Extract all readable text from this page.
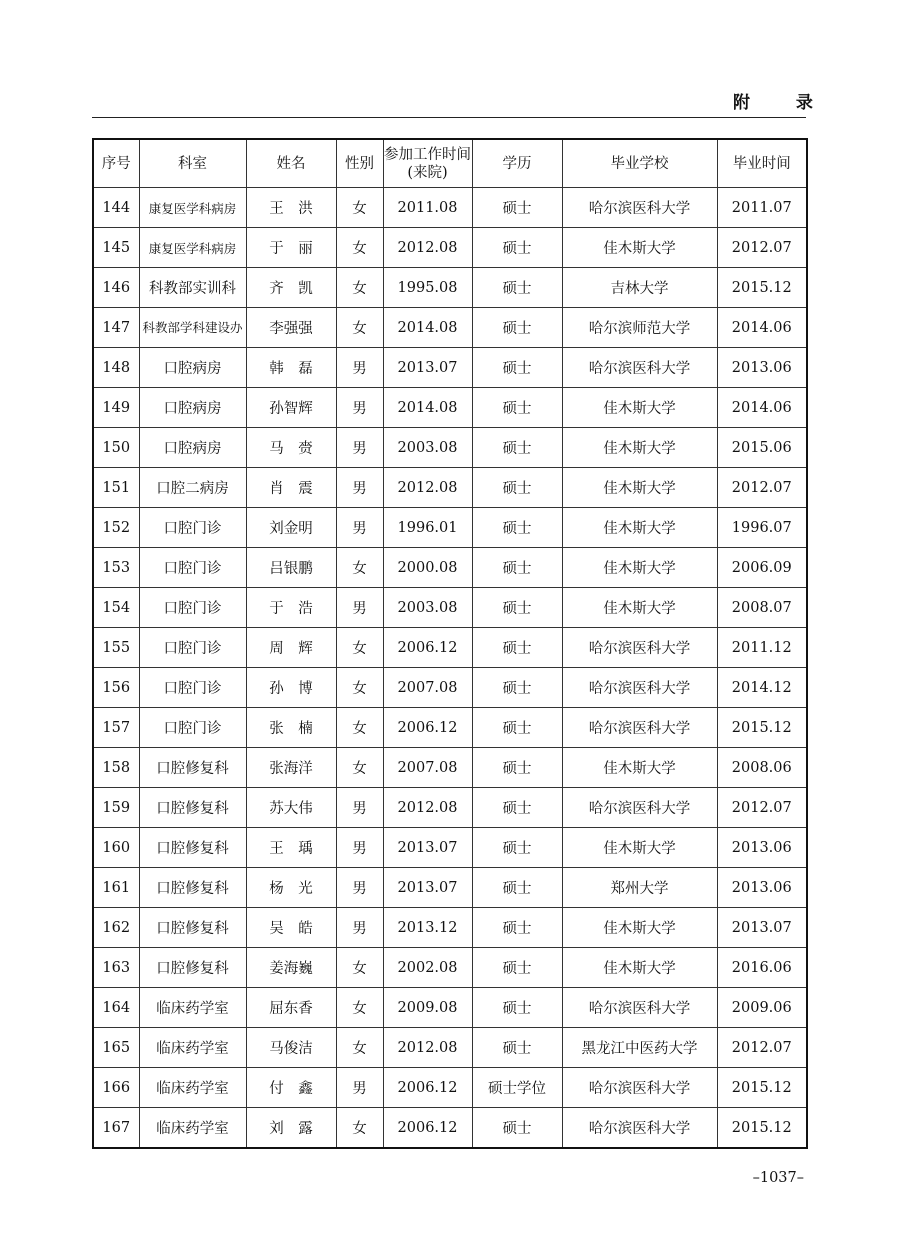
附 录
序号	科室	姓名	性别	参加工作时间(来院)	学历	毕业学校	毕业时间
144	康复医学科病房	王　洪	女	2011.08	硕士	哈尔滨医科大学	2011.07
145	康复医学科病房	于　丽	女	2012.08	硕士	佳木斯大学	2012.07
146	科教部实训科	齐　凯	女	1995.08	硕士	吉林大学	2015.12
147	科教部学科建设办	李强强	女	2014.08	硕士	哈尔滨师范大学	2014.06
148	口腔病房	韩　磊	男	2013.07	硕士	哈尔滨医科大学	2013.06
149	口腔病房	孙智辉	男	2014.08	硕士	佳木斯大学	2014.06
150	口腔病房	马　赍	男	2003.08	硕士	佳木斯大学	2015.06
151	口腔二病房	肖　震	男	2012.08	硕士	佳木斯大学	2012.07
152	口腔门诊	刘金明	男	1996.01	硕士	佳木斯大学	1996.07
153	口腔门诊	吕银鹏	女	2000.08	硕士	佳木斯大学	2006.09
154	口腔门诊	于　浩	男	2003.08	硕士	佳木斯大学	2008.07
155	口腔门诊	周　辉	女	2006.12	硕士	哈尔滨医科大学	2011.12
156	口腔门诊	孙　博	女	2007.08	硕士	哈尔滨医科大学	2014.12
157	口腔门诊	张　楠	女	2006.12	硕士	哈尔滨医科大学	2015.12
158	口腔修复科	张海洋	女	2007.08	硕士	佳木斯大学	2008.06
159	口腔修复科	苏大伟	男	2012.08	硕士	哈尔滨医科大学	2012.07
160	口腔修复科	王　瑀	男	2013.07	硕士	佳木斯大学	2013.06
161	口腔修复科	杨　光	男	2013.07	硕士	郑州大学	2013.06
162	口腔修复科	吴　皓	男	2013.12	硕士	佳木斯大学	2013.07
163	口腔修复科	姜海巍	女	2002.08	硕士	佳木斯大学	2016.06
164	临床药学室	屈东香	女	2009.08	硕士	哈尔滨医科大学	2009.06
165	临床药学室	马俊洁	女	2012.08	硕士	黑龙江中医药大学	2012.07
166	临床药学室	付　鑫	男	2006.12	硕士学位	哈尔滨医科大学	2015.12
167	临床药学室	刘　露	女	2006.12	硕士	哈尔滨医科大学	2015.12
–1037–
